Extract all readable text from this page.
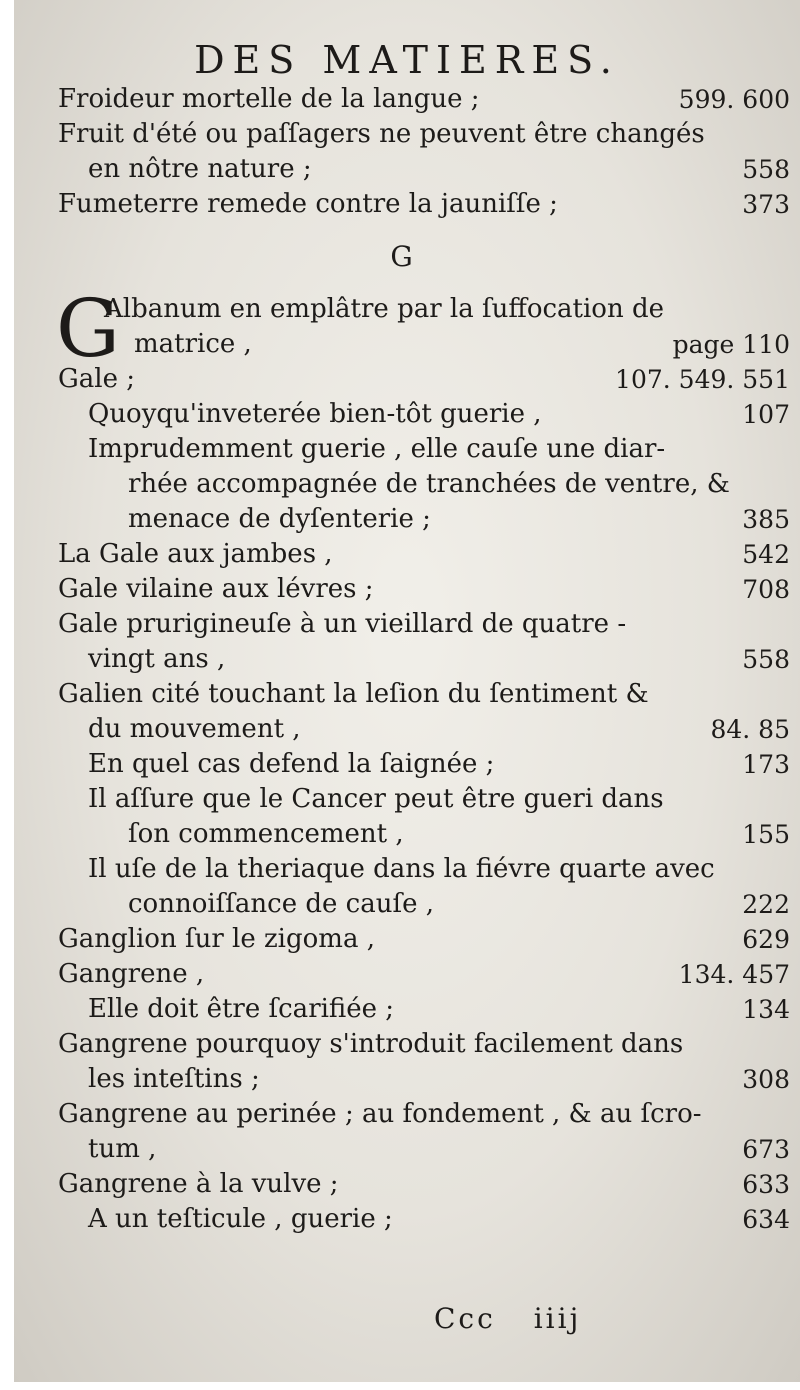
DES MATIERES.
Froideur mortelle de la langue ;	599. 600
Fruit d'été ou paſſagers ne peuvent être changés
en nôtre nature ;	558
Fumeterre remede contre la jauniſſe ;	373
G
G
Albanum en emplâtre par la ſuffocation de
matrice ,	page 110
Gale ;	107. 549. 551
Quoyqu'inveterée bien-tôt guerie ,	107
Imprudemment guerie , elle cauſe une diar-
rhée accompagnée de tranchées de ventre, &
menace de dyſenterie ;	385
La Gale aux jambes ,	542
Gale vilaine aux lévres ;	708
Gale prurigineuſe à un vieillard de quatre -
vingt ans ,	558
Galien cité touchant la leſion du ſentiment &
du mouvement ,	84. 85
En quel cas defend la ſaignée ;	173
Il aſſure que le Cancer peut être gueri dans
ſon commencement ,	155
Il uſe de la theriaque dans la fiévre quarte avec
connoiſſance de cauſe ,	222
Ganglion ſur le zigoma ,	629
Gangrene ,	134. 457
Elle doit être ſcarifiée ;	134
Gangrene pourquoy s'introduit facilement dans
les inteſtins ;	308
Gangrene au perinée ; au fondement , & au ſcro-
tum ,	673
Gangrene à la vulve ;	633
A un teſticule , guerie ;	634
Ccc iiij
